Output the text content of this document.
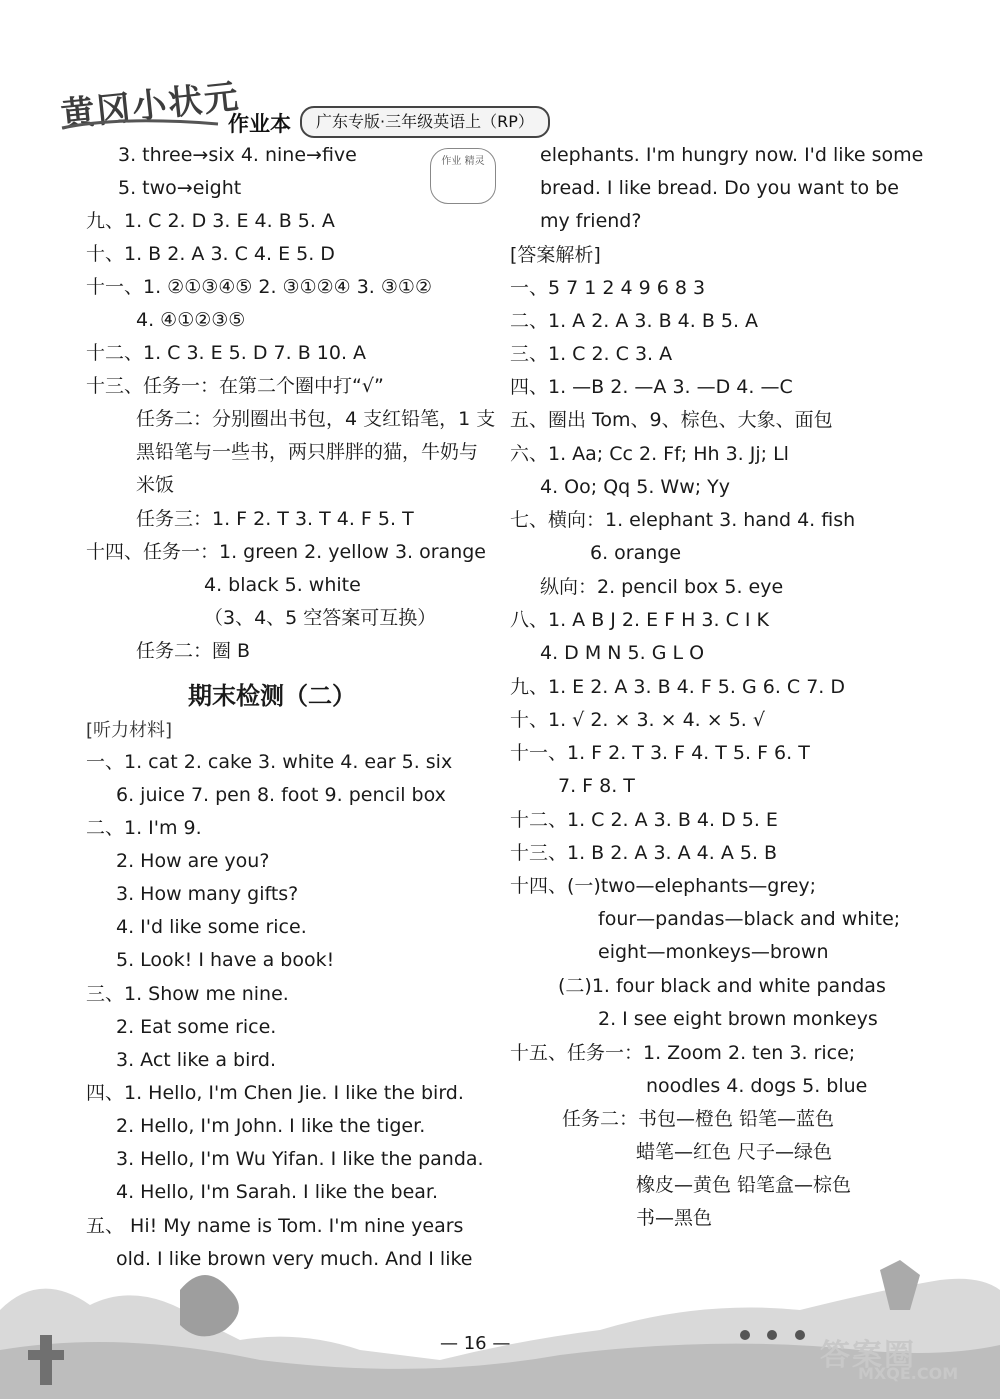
黄冈小状元
作业本	广东专版·三年级英语上（RP）
作业 精灵
3. three→six 4. nine→five
5. two→eight
九、1. C 2. D 3. E 4. B 5. A
十、1. B 2. A 3. C 4. E 5. D
十一、1. ②①③④⑤ 2. ③①②④ 3. ③①②
4. ④①②③⑤
十二、1. C 3. E 5. D 7. B 10. A
十三、任务一：在第二个圈中打“√”
任务二：分别圈出书包，4 支红铅笔，1 支
黑铅笔与一些书，两只胖胖的猫，牛奶与
米饭
任务三：1. F 2. T 3. T 4. F 5. T
十四、任务一：1. green 2. yellow 3. orange
4. black 5. white
（3、4、5 空答案可互换）
任务二：圈 B
期末检测（二）
[听力材料]
一、1. cat 2. cake 3. white 4. ear 5. six
6. juice 7. pen 8. foot 9. pencil box
二、1. I'm 9.
2. How are you?
3. How many gifts?
4. I'd like some rice.
5. Look! I have a book!
三、1. Show me nine.
2. Eat some rice.
3. Act like a bird.
四、1. Hello, I'm Chen Jie. I like the bird.
2. Hello, I'm John. I like the tiger.
3. Hello, I'm Wu Yifan. I like the panda.
4. Hello, I'm Sarah. I like the bear.
五、 Hi! My name is Tom. I'm nine years
old. I like brown very much. And I like
elephants. I'm hungry now. I'd like some
bread. I like bread. Do you want to be
my friend?
[答案解析]
一、5 7 1 2 4 9 6 8 3
二、1. A 2. A 3. B 4. B 5. A
三、1. C 2. C 3. A
四、1. —B 2. —A 3. —D 4. —C
五、圈出 Tom、9、棕色、大象、面包
六、1. Aa; Cc 2. Ff; Hh 3. Jj; Ll
4. Oo; Qq 5. Ww; Yy
七、横向：1. elephant 3. hand 4. fish
6. orange
纵向：2. pencil box 5. eye
八、1. A B J 2. E F H 3. C I K
4. D M N 5. G L O
九、1. E 2. A 3. B 4. F 5. G 6. C 7. D
十、1. √ 2. × 3. × 4. × 5. √
十一、1. F 2. T 3. F 4. T 5. F 6. T
7. F 8. T
十二、1. C 2. A 3. B 4. D 5. E
十三、1. B 2. A 3. A 4. A 5. B
十四、(一)two—elephants—grey;
four—pandas—black and white;
eight—monkeys—brown
(二)1. four black and white pandas
2. I see eight brown monkeys
十五、任务一：1. Zoom 2. ten 3. rice;
noodles 4. dogs 5. blue
任务二：书包—橙色 铅笔—蓝色
蜡笔—红色 尺子—绿色
橡皮—黄色 铅笔盒—棕色
书—黑色
— 16 —	答案圈
MXQE.COM
